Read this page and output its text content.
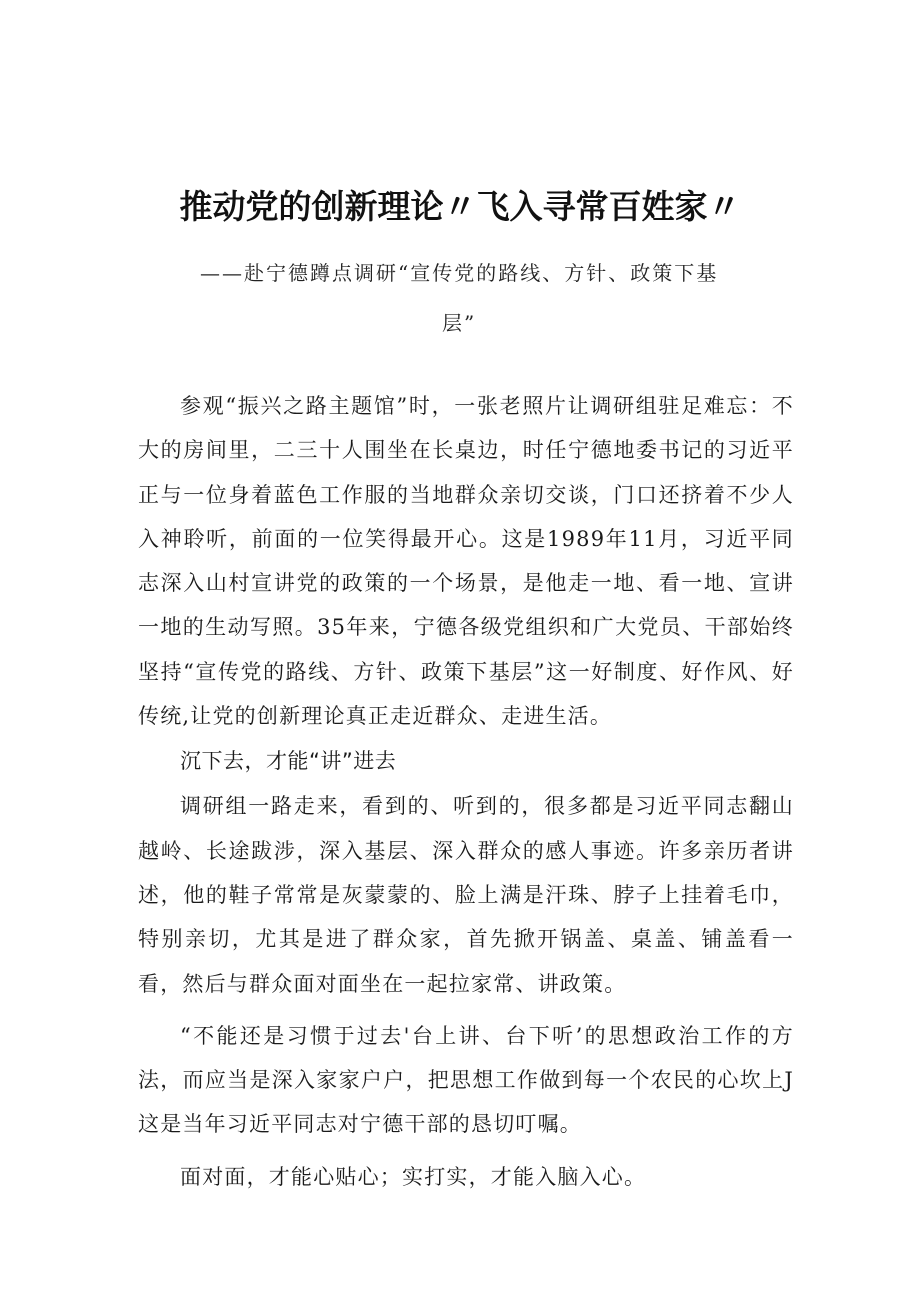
推动党的创新理论〃飞入寻常百姓家〃
——赴宁德蹲点调研“宣传党的路线、方针、政策下基
层”

参观“振兴之路主题馆”时，一张老照片让调研组驻足难忘：不大的房间里，二三十人围坐在长桌边，时任宁德地委书记的习近平正与一位身着蓝色工作服的当地群众亲切交谈，门口还挤着不少人入神聆听，前面的一位笑得最开心。这是1989年11月，习近平同志深入山村宣讲党的政策的一个场景，是他走一地、看一地、宣讲一地的生动写照。35年来，宁德各级党组织和广大党员、干部始终坚持“宣传党的路线、方针、政策下基层”这一好制度、好作风、好传统,让党的创新理论真正走近群众、走进生活。

沉下去，才能“讲”进去

调研组一路走来，看到的、听到的，很多都是习近平同志翻山越岭、长途跋涉，深入基层、深入群众的感人事迹。许多亲历者讲述，他的鞋子常常是灰蒙蒙的、脸上满是汗珠、脖子上挂着毛巾，特别亲切，尤其是进了群众家，首先掀开锅盖、桌盖、铺盖看一看，然后与群众面对面坐在一起拉家常、讲政策。

“不能还是习惯于过去'台上讲、台下听’的思想政治工作的方法，而应当是深入家家户户，把思想工作做到每一个农民的心坎上J这是当年习近平同志对宁德干部的恳切叮嘱。

面对面，才能心贴心；实打实，才能入脑入心。
